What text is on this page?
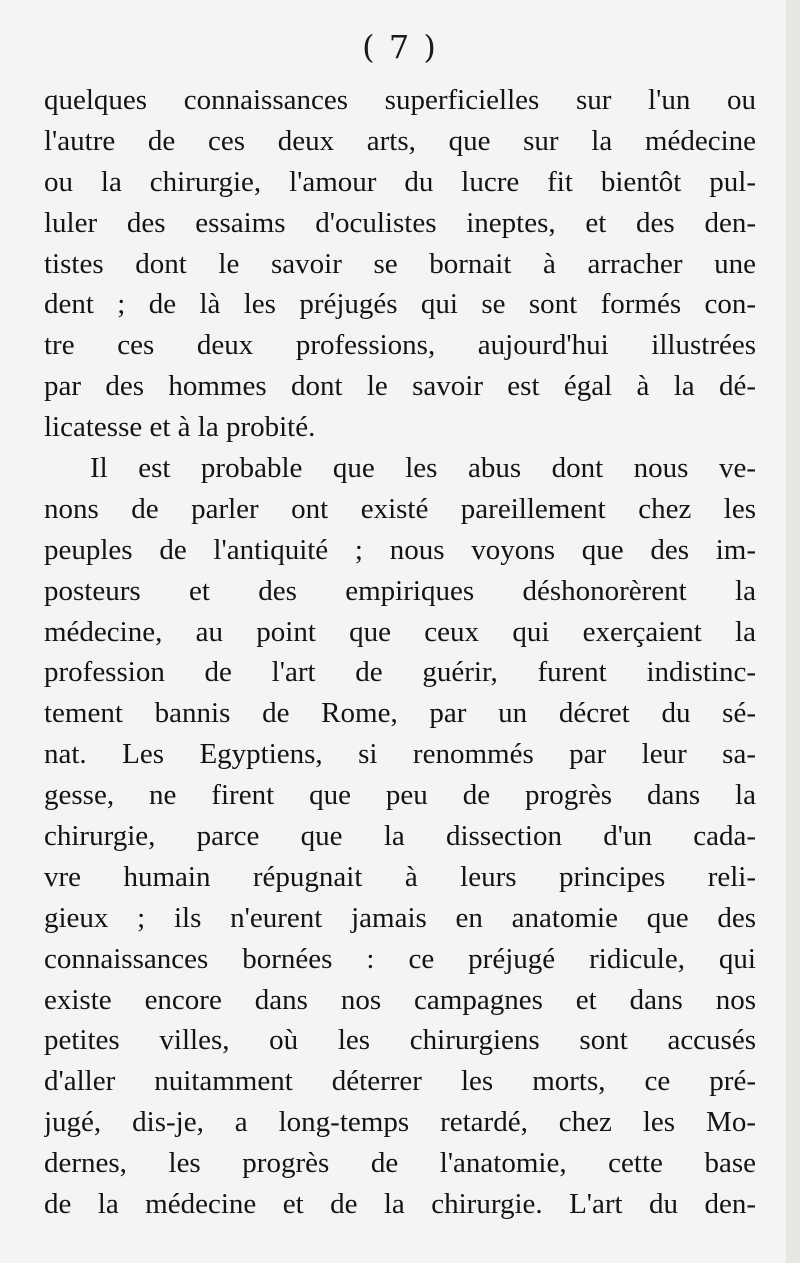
( 7 )
quelques connaissances superficielles sur l'un ou
l'autre de ces deux arts, que sur la médecine
ou la chirurgie, l'amour du lucre fit bientôt pul-
luler des essaims d'oculistes ineptes, et des den-
tistes dont le savoir se bornait à arracher une
dent ; de là les préjugés qui se sont formés con-
tre ces deux professions, aujourd'hui illustrées
par des hommes dont le savoir est égal à la dé-
licatesse et à la probité.
Il est probable que les abus dont nous ve-
nons de parler ont existé pareillement chez les
peuples de l'antiquité ; nous voyons que des im-
posteurs et des empiriques déshonorèrent la
médecine, au point que ceux qui exerçaient la
profession de l'art de guérir, furent indistinc-
tement bannis de Rome, par un décret du sé-
nat. Les Egyptiens, si renommés par leur sa-
gesse, ne firent que peu de progrès dans la
chirurgie, parce que la dissection d'un cada-
vre humain répugnait à leurs principes reli-
gieux ; ils n'eurent jamais en anatomie que des
connaissances bornées : ce préjugé ridicule, qui
existe encore dans nos campagnes et dans nos
petites villes, où les chirurgiens sont accusés
d'aller nuitamment déterrer les morts, ce pré-
jugé, dis-je, a long-temps retardé, chez les Mo-
dernes, les progrès de l'anatomie, cette base
de la médecine et de la chirurgie. L'art du den-
